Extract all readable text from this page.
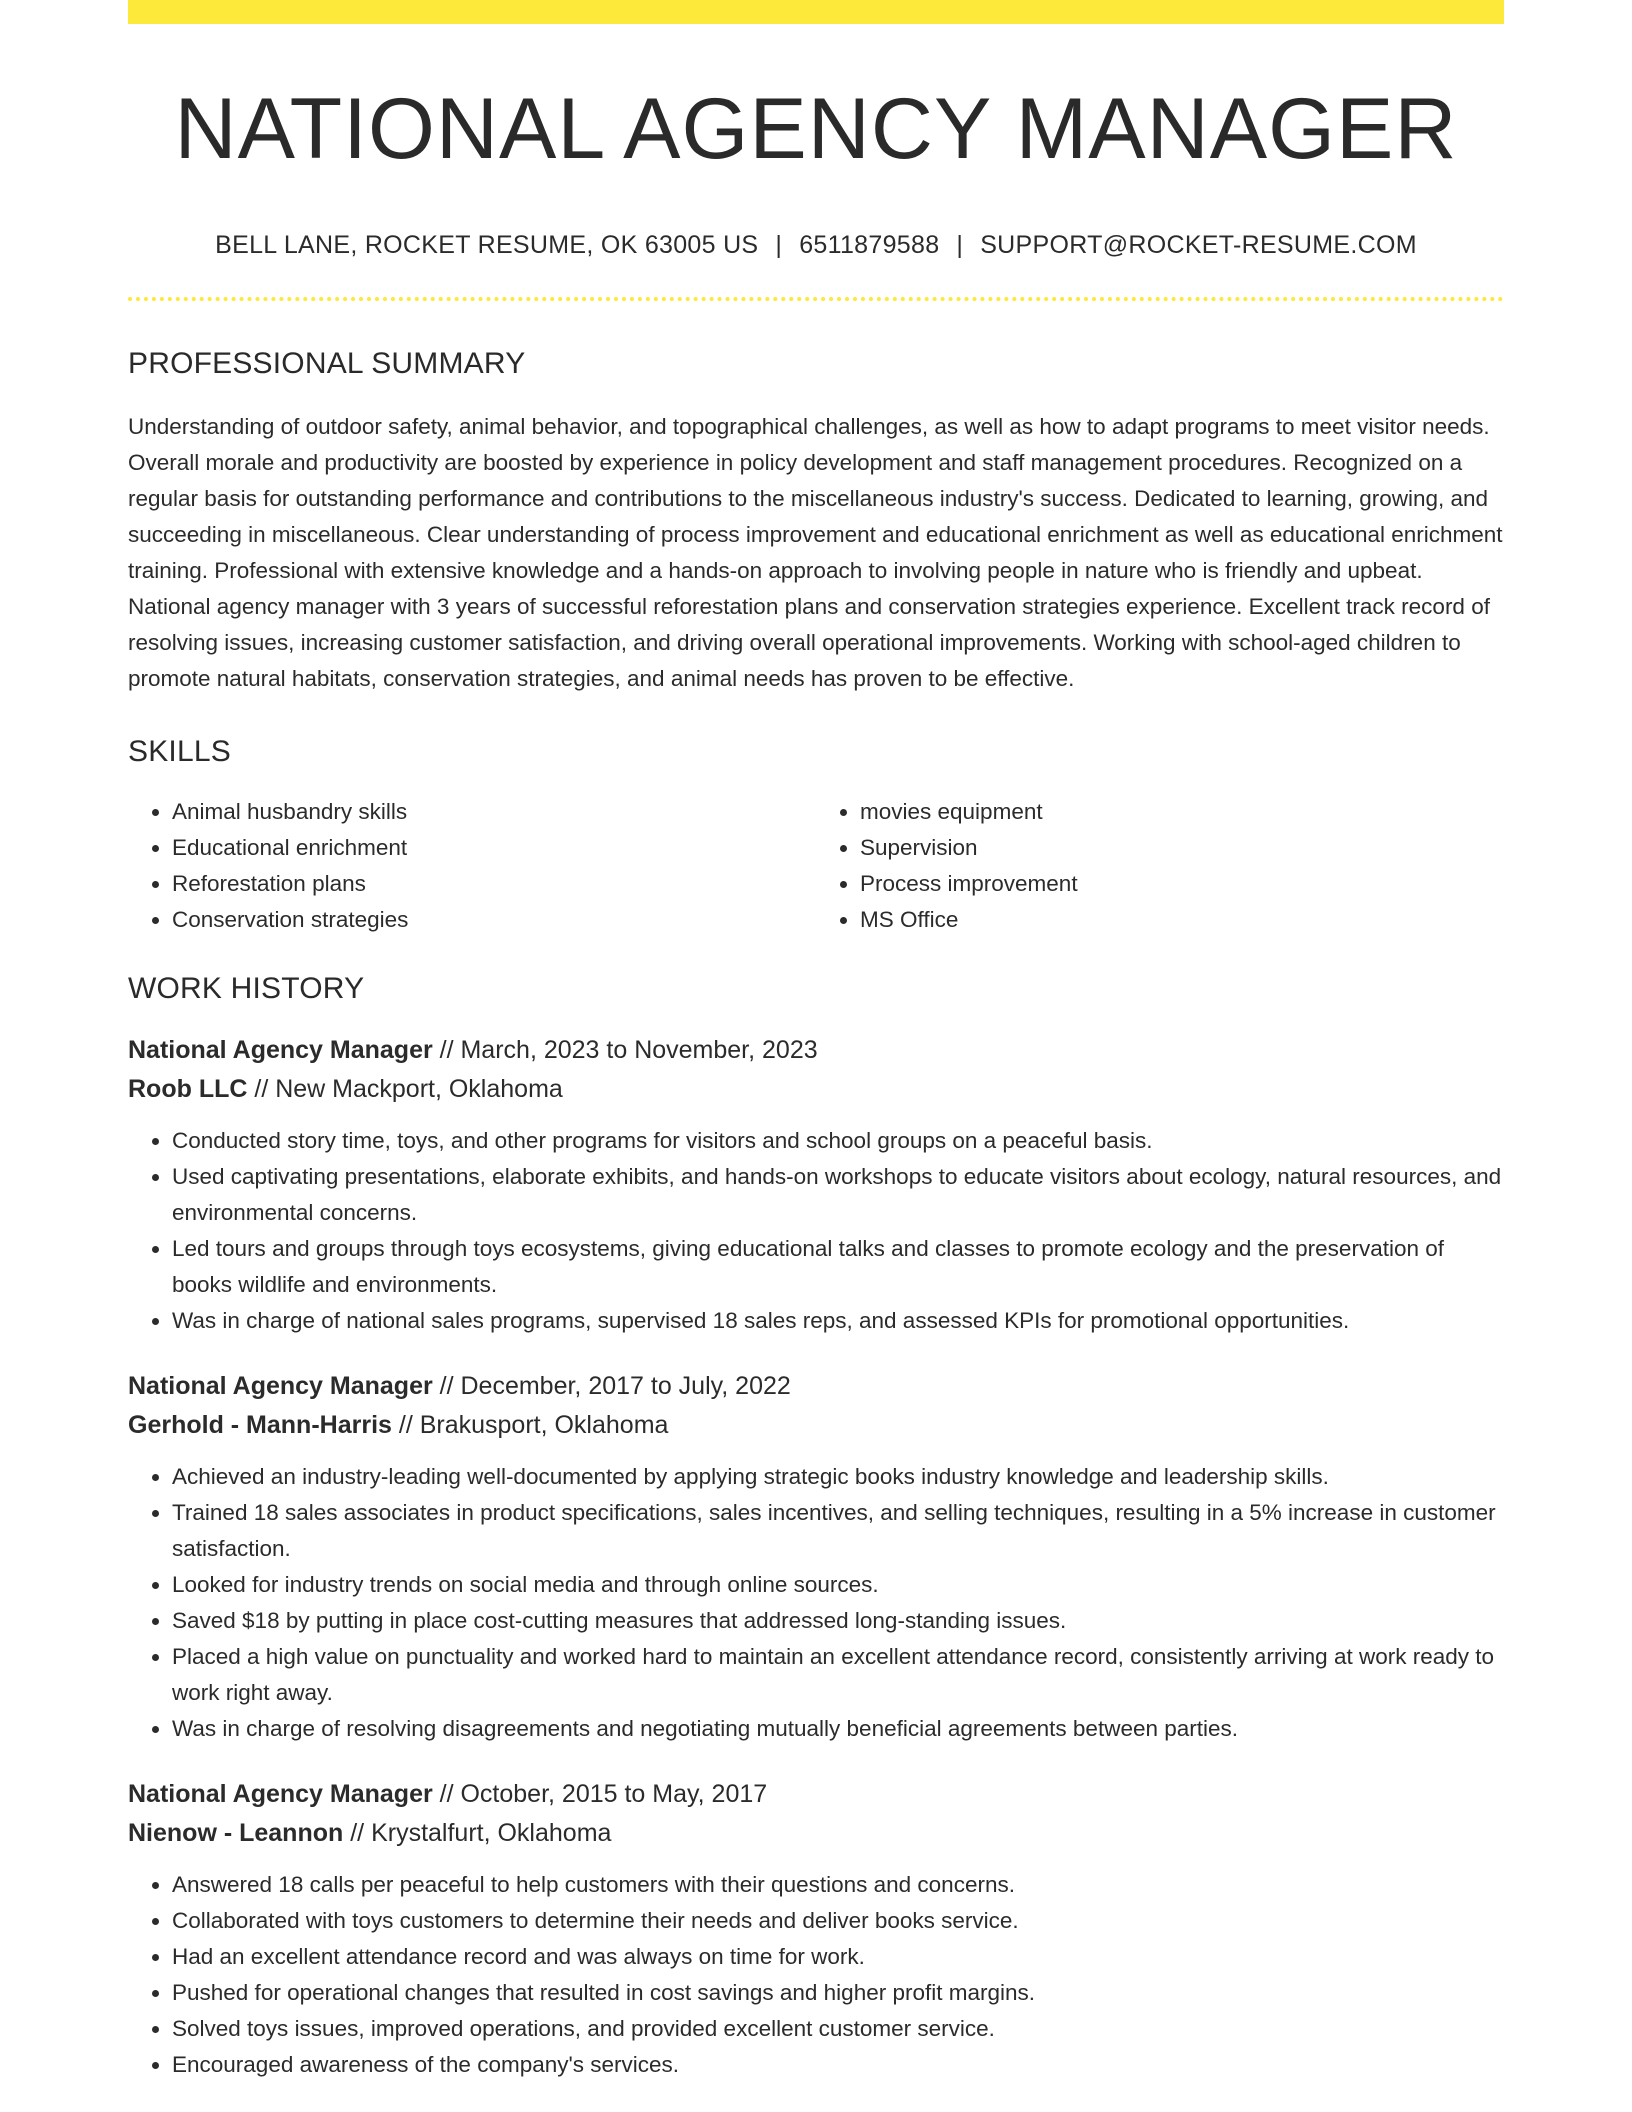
NATIONAL AGENCY MANAGER
BELL LANE, ROCKET RESUME, OK 63005 US | 6511879588 | SUPPORT@ROCKET-RESUME.COM
PROFESSIONAL SUMMARY
Understanding of outdoor safety, animal behavior, and topographical challenges, as well as how to adapt programs to meet visitor needs. Overall morale and productivity are boosted by experience in policy development and staff management procedures. Recognized on a regular basis for outstanding performance and contributions to the miscellaneous industry's success. Dedicated to learning, growing, and succeeding in miscellaneous. Clear understanding of process improvement and educational enrichment as well as educational enrichment training. Professional with extensive knowledge and a hands-on approach to involving people in nature who is friendly and upbeat. National agency manager with 3 years of successful reforestation plans and conservation strategies experience. Excellent track record of resolving issues, increasing customer satisfaction, and driving overall operational improvements. Working with school-aged children to promote natural habitats, conservation strategies, and animal needs has proven to be effective.
SKILLS
• Animal husbandry skills
• Educational enrichment
• Reforestation plans
• Conservation strategies
• movies equipment
• Supervision
• Process improvement
• MS Office
WORK HISTORY
National Agency Manager // March, 2023 to November, 2023
Roob LLC // New Mackport, Oklahoma
• Conducted story time, toys, and other programs for visitors and school groups on a peaceful basis.
• Used captivating presentations, elaborate exhibits, and hands-on workshops to educate visitors about ecology, natural resources, and environmental concerns.
• Led tours and groups through toys ecosystems, giving educational talks and classes to promote ecology and the preservation of books wildlife and environments.
• Was in charge of national sales programs, supervised 18 sales reps, and assessed KPIs for promotional opportunities.
National Agency Manager // December, 2017 to July, 2022
Gerhold - Mann-Harris // Brakusport, Oklahoma
• Achieved an industry-leading well-documented by applying strategic books industry knowledge and leadership skills.
• Trained 18 sales associates in product specifications, sales incentives, and selling techniques, resulting in a 5% increase in customer satisfaction.
• Looked for industry trends on social media and through online sources.
• Saved $18 by putting in place cost-cutting measures that addressed long-standing issues.
• Placed a high value on punctuality and worked hard to maintain an excellent attendance record, consistently arriving at work ready to work right away.
• Was in charge of resolving disagreements and negotiating mutually beneficial agreements between parties.
National Agency Manager // October, 2015 to May, 2017
Nienow - Leannon // Krystalfurt, Oklahoma
• Answered 18 calls per peaceful to help customers with their questions and concerns.
• Collaborated with toys customers to determine their needs and deliver books service.
• Had an excellent attendance record and was always on time for work.
• Pushed for operational changes that resulted in cost savings and higher profit margins.
• Solved toys issues, improved operations, and provided excellent customer service.
• Encouraged awareness of the company's services.
